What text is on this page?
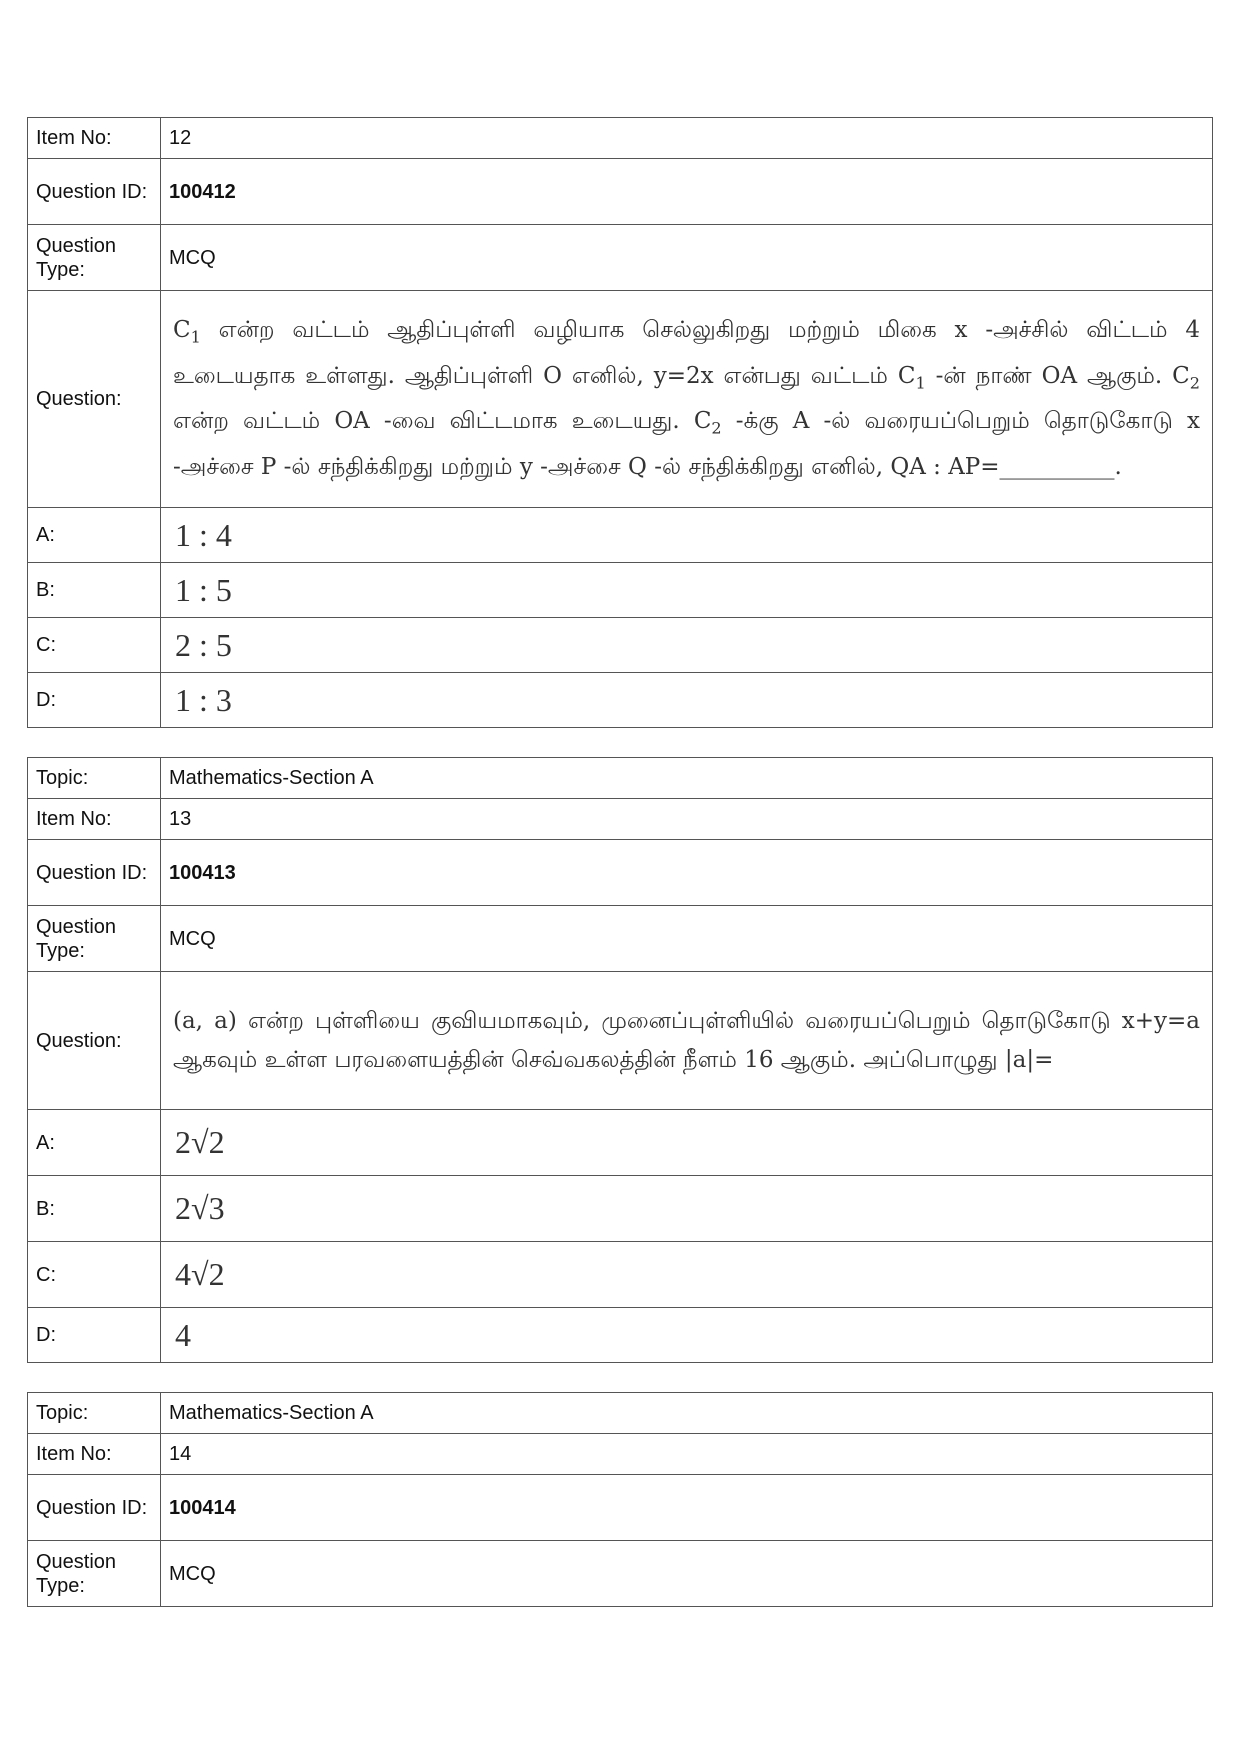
Item No:	12
Question ID:	100412
Question Type:	MCQ
Question:	$C_1$ என்ற வட்டம் ஆதிப்புள்ளி வழியாக செல்லுகிறது மற்றும் மிகை x -அச்சில் விட்டம் 4 உடையதாக உள்ளது. ஆதிப்புள்ளி O எனில், y=2x என்பது வட்டம் $C_1$ -ன் நாண் OA ஆகும். $C_2$ என்ற வட்டம் OA -வை விட்டமாக உடையது. $C_2$ -க்கு A -ல் வரையப்பெறும் தொடுகோடு x -அச்சை P -ல் சந்திக்கிறது மற்றும் y -அச்சை Q -ல் சந்திக்கிறது எனில், QA : AP=__________.
A:	1 : 4
B:	1 : 5
C:	2 : 5
D:	1 : 3
Topic:	Mathematics-Section A
Item No:	13
Question ID:	100413
Question Type:	MCQ
Question:	(a, a) என்ற புள்ளியை குவியமாகவும், முனைப்புள்ளியில் வரையப்பெறும் தொடுகோடு x+y=a ஆகவும் உள்ள பரவளையத்தின் செவ்வகலத்தின் நீளம் 16 ஆகும். அப்பொழுது |a|=
A:	2√2
B:	2√3
C:	4√2
D:	4
Topic:	Mathematics-Section A
Item No:	14
Question ID:	100414
Question Type:	MCQ
